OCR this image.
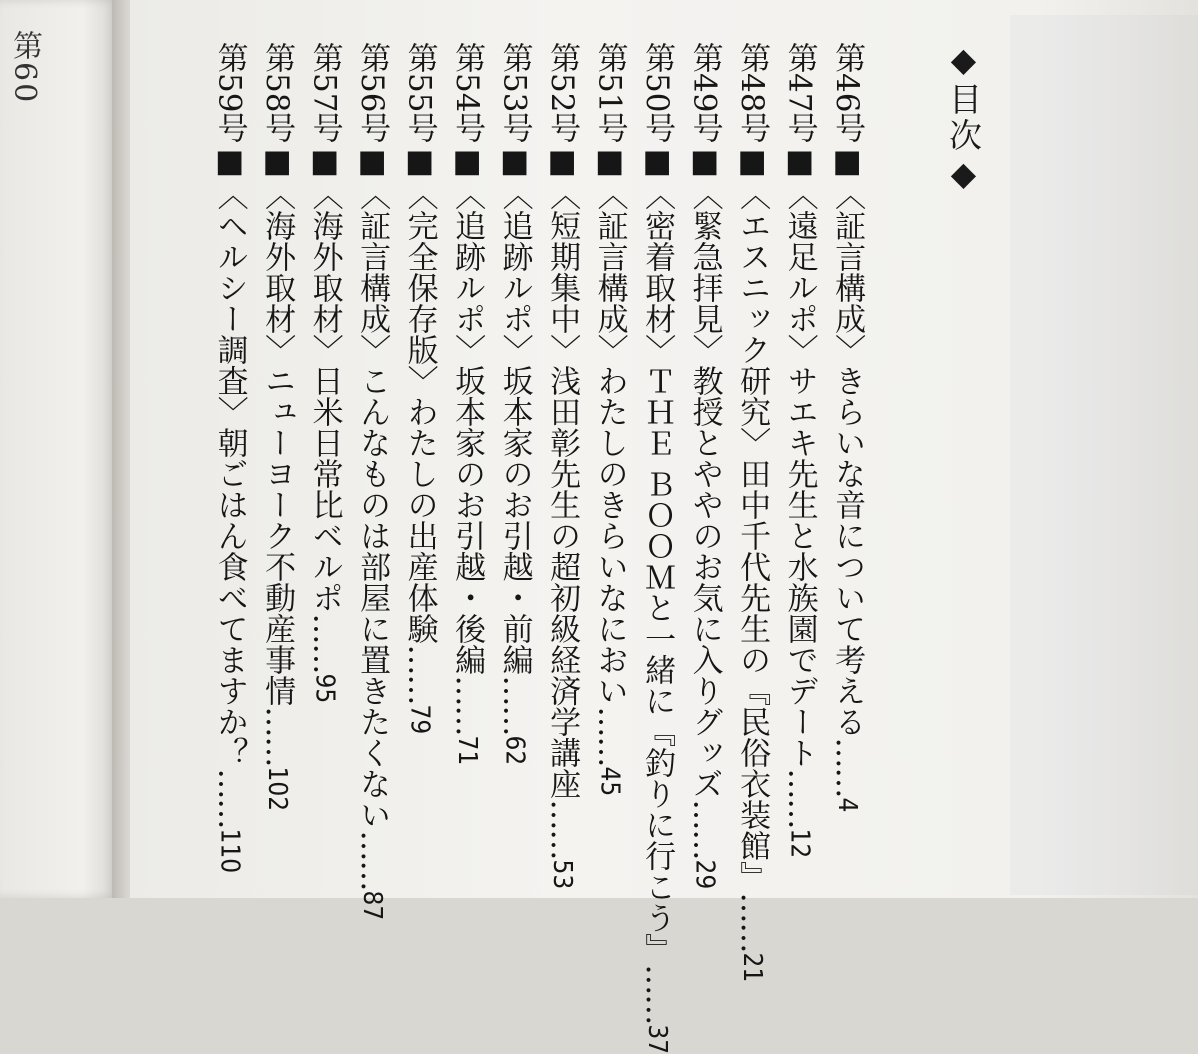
第60	◆目次◆
第46号■〈証言構成〉きらいな音について考える……4
第47号■〈遠足ルポ〉サエキ先生と水族園でデート……12
第48号■〈エスニック研究〉田中千代先生の『民俗衣装館』……21
第49号■〈緊急拝見〉教授とややのお気に入りグッズ……29
第50号■〈密着取材〉ＴＨＥ ＢＯＯＭと一緒に『釣りに行こう』……37
第51号■〈証言構成〉わたしのきらいなにおい……45
第52号■〈短期集中〉浅田彰先生の超初級経済学講座……53
第53号■〈追跡ルポ〉坂本家のお引越・前編……62
第54号■〈追跡ルポ〉坂本家のお引越・後編……71
第55号■〈完全保存版〉わたしの出産体験……79
第56号■〈証言構成〉こんなものは部屋に置きたくない……87
第57号■〈海外取材〉日米日常比ベルポ……95
第58号■〈海外取材〉ニューヨーク不動産事情……102
第59号■〈ヘルシー調査〉朝ごはん食べてますか？……110
